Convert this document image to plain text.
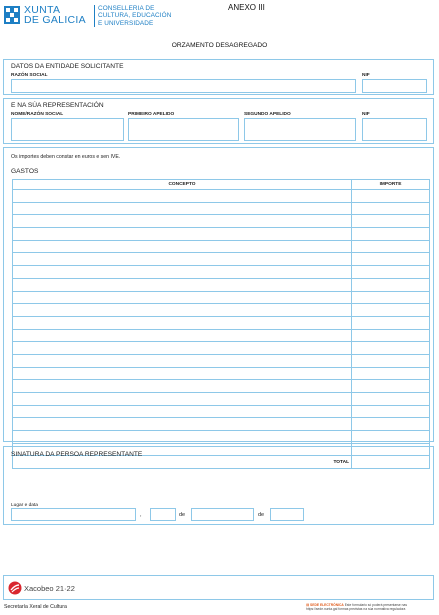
XUNTA
DE GALICIA
CONSELLERIA DE
CULTURA, EDUCACIÓN
E UNIVERSIDADE
ANEXO III
ORZAMENTO DESAGREGADO
DATOS DA ENTIDADE SOLICITANTE
RAZÓN SOCIAL	NIF
E NA SÚA REPRESENTACIÓN
NOME/RAZÓN SOCIAL	PRIMEIRO APELIDO	SEGUNDO APELIDO	NIF
Os importes deben constar en euros e sen IVE.
GASTOS
CONCEPTO	IMPORTE

TOTAL	
SINATURA DA PERSOA REPRESENTANTE
Lugar e data
,	de	de
Xacobeo 21·22
Secretaría Xeral de Cultura	▤ SEDE ELECTRÓNICA Este formulario só poderá presentarse nas
https://sede.xunta.gal formas previstas na súa normativa reguladora
